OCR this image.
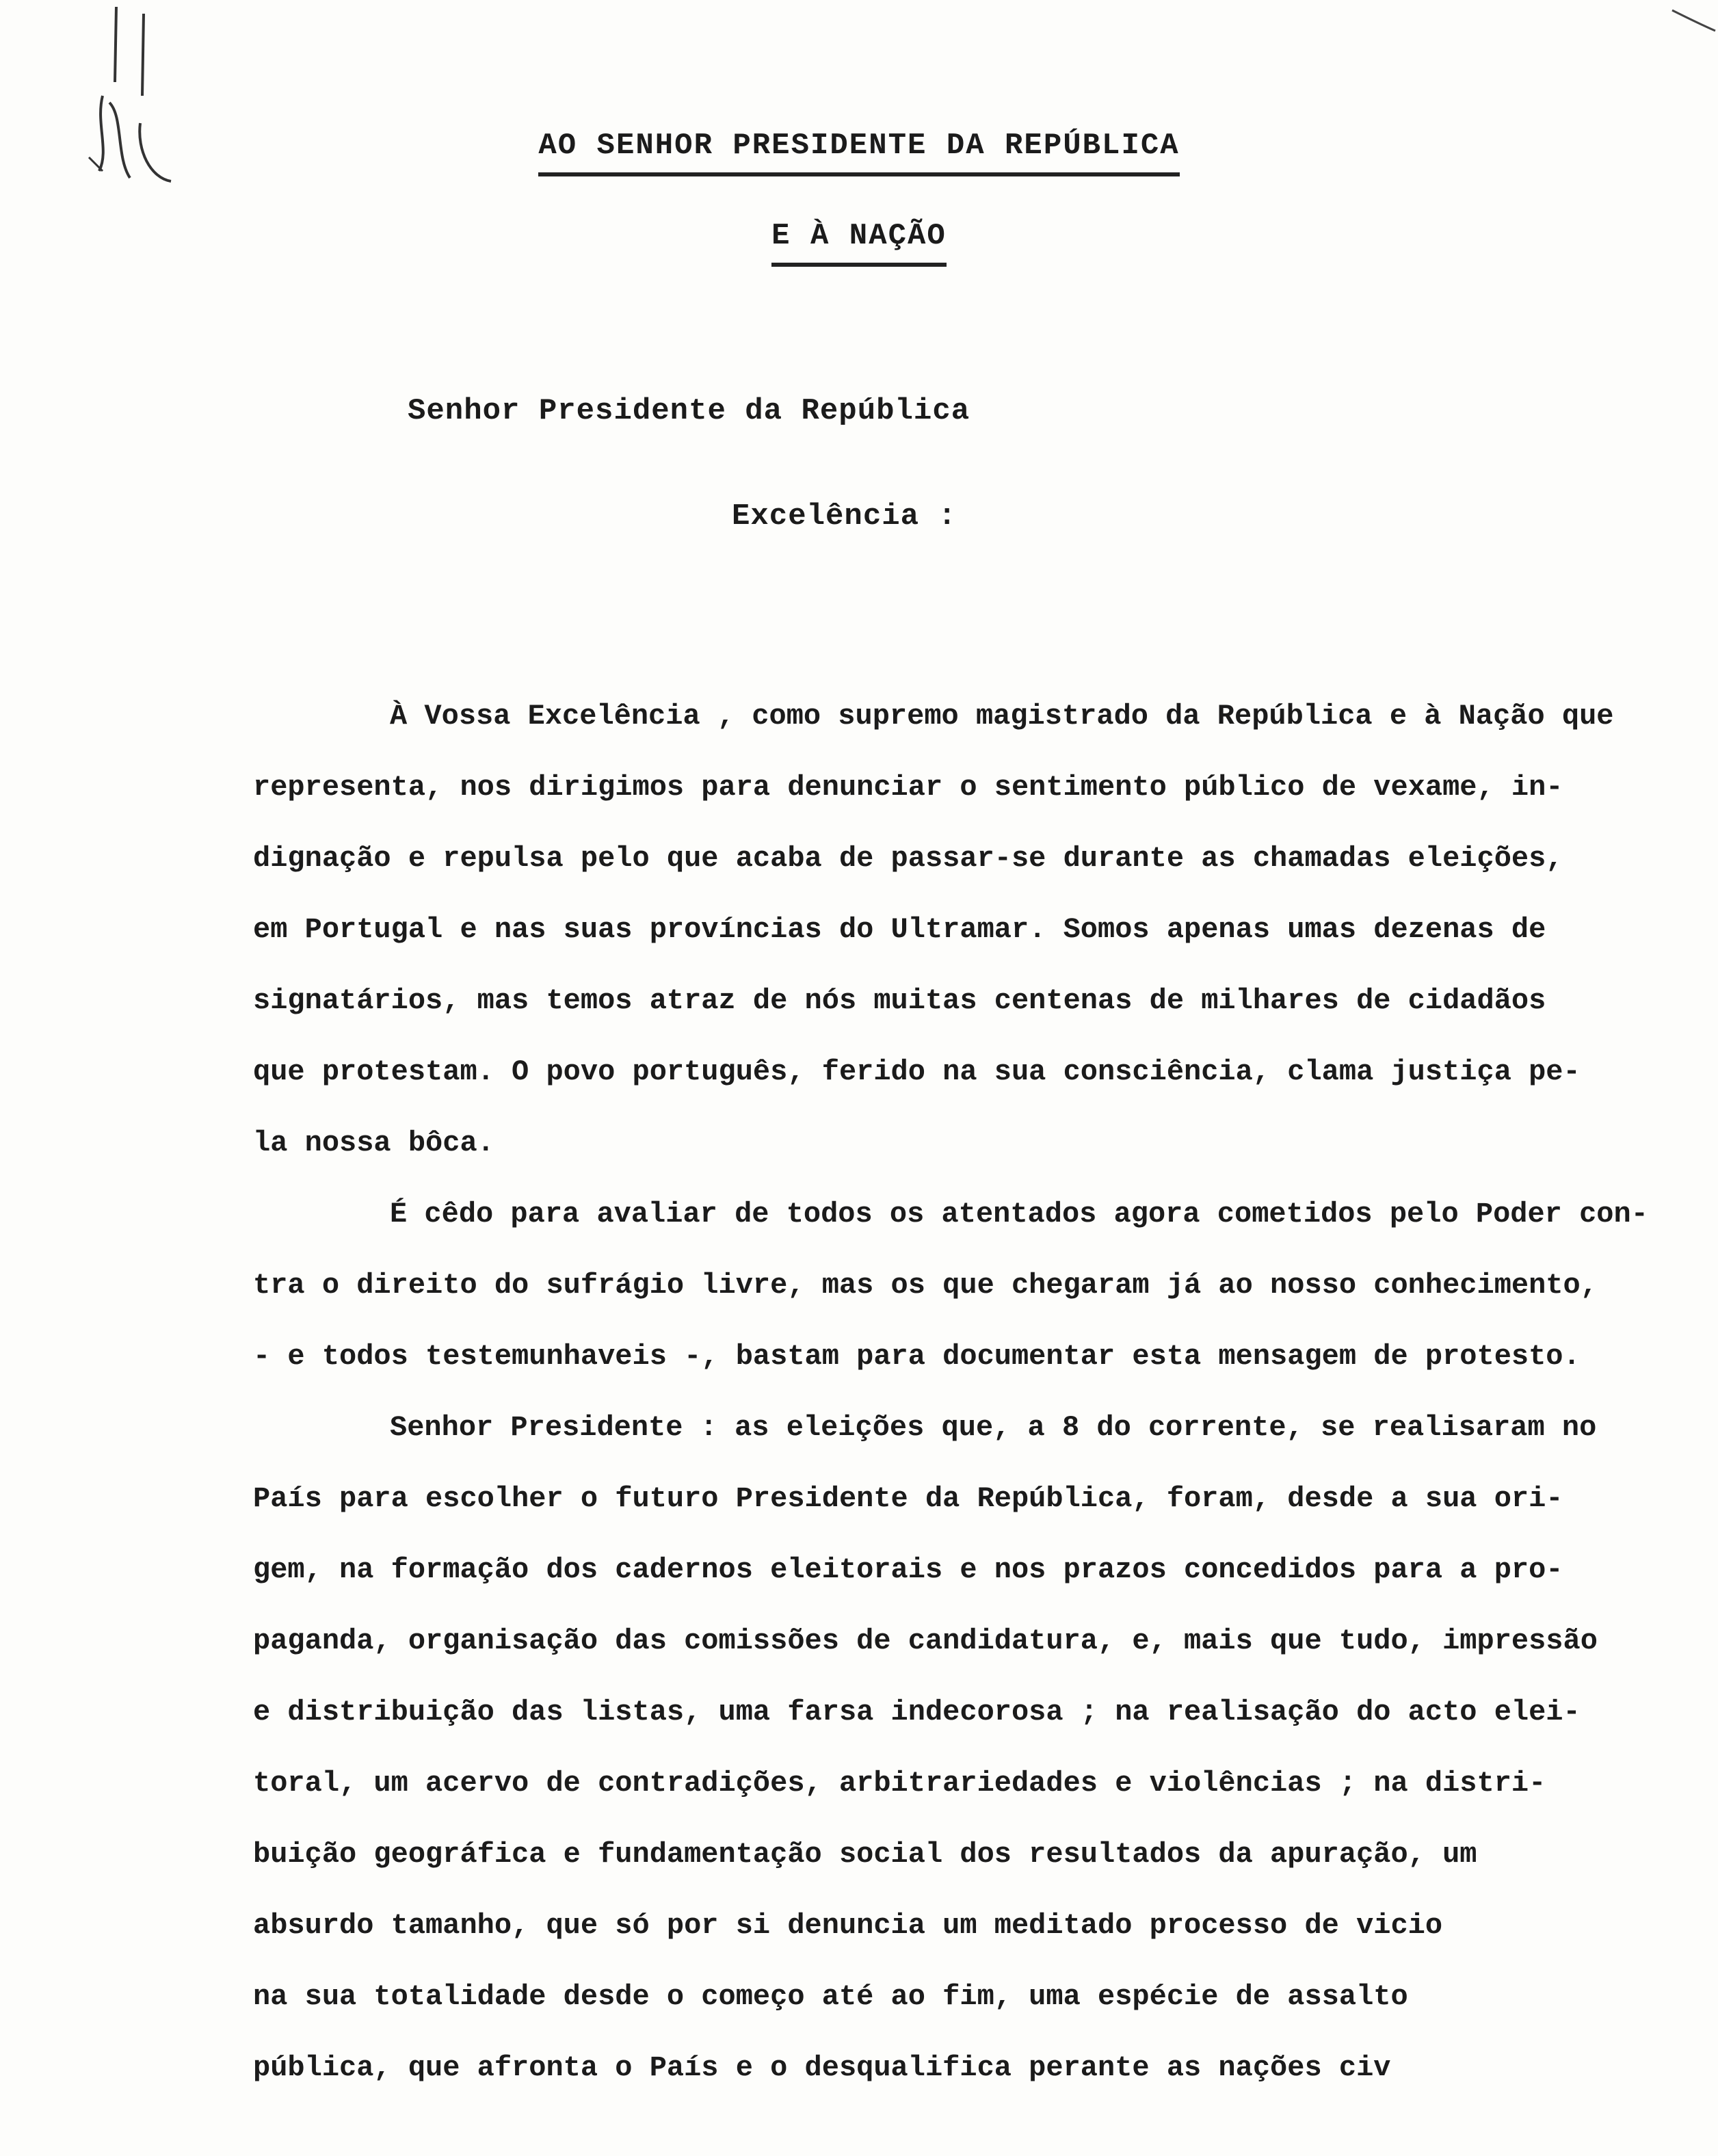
AO SENHOR PRESIDENTE DA REPÚBLICA
E À NAÇÃO
Senhor Presidente da República
Excelência :
À Vossa Excelência , como supremo magistrado da República e à Nação que
representa, nos dirigimos para denunciar o sentimento público de vexame, in-
dignação e repulsa pelo que acaba de passar-se durante as chamadas eleições,
em Portugal e nas suas províncias do Ultramar. Somos apenas umas dezenas de
signatários, mas temos atraz de nós muitas centenas de milhares de cidadãos
que protestam. O povo português, ferido na sua consciência, clama justiça pe-
la nossa bôca.
É cêdo para avaliar de todos os atentados agora cometidos pelo Poder con-
tra o direito do sufrágio livre, mas os que chegaram já ao nosso conhecimento,
- e todos testemunhaveis -, bastam para documentar esta mensagem de protesto.
Senhor Presidente : as eleições que, a 8 do corrente, se realisaram no
País para escolher o futuro Presidente da República, foram, desde a sua ori-
gem, na formação dos cadernos eleitorais e nos prazos concedidos para a pro-
paganda, organisação das comissões de candidatura, e, mais que tudo, impressão
e distribuição das listas, uma farsa indecorosa ; na realisação do acto elei-
toral, um acervo de contradições, arbitrariedades e violências ; na distri-
buição geográfica e fundamentação social dos resultados da apuração, um
absurdo tamanho, que só por si denuncia um meditado processo de vicio
na sua totalidade desde o começo até ao fim, uma espécie de assalto
pública, que afronta o País e o desqualifica perante as nações civ
